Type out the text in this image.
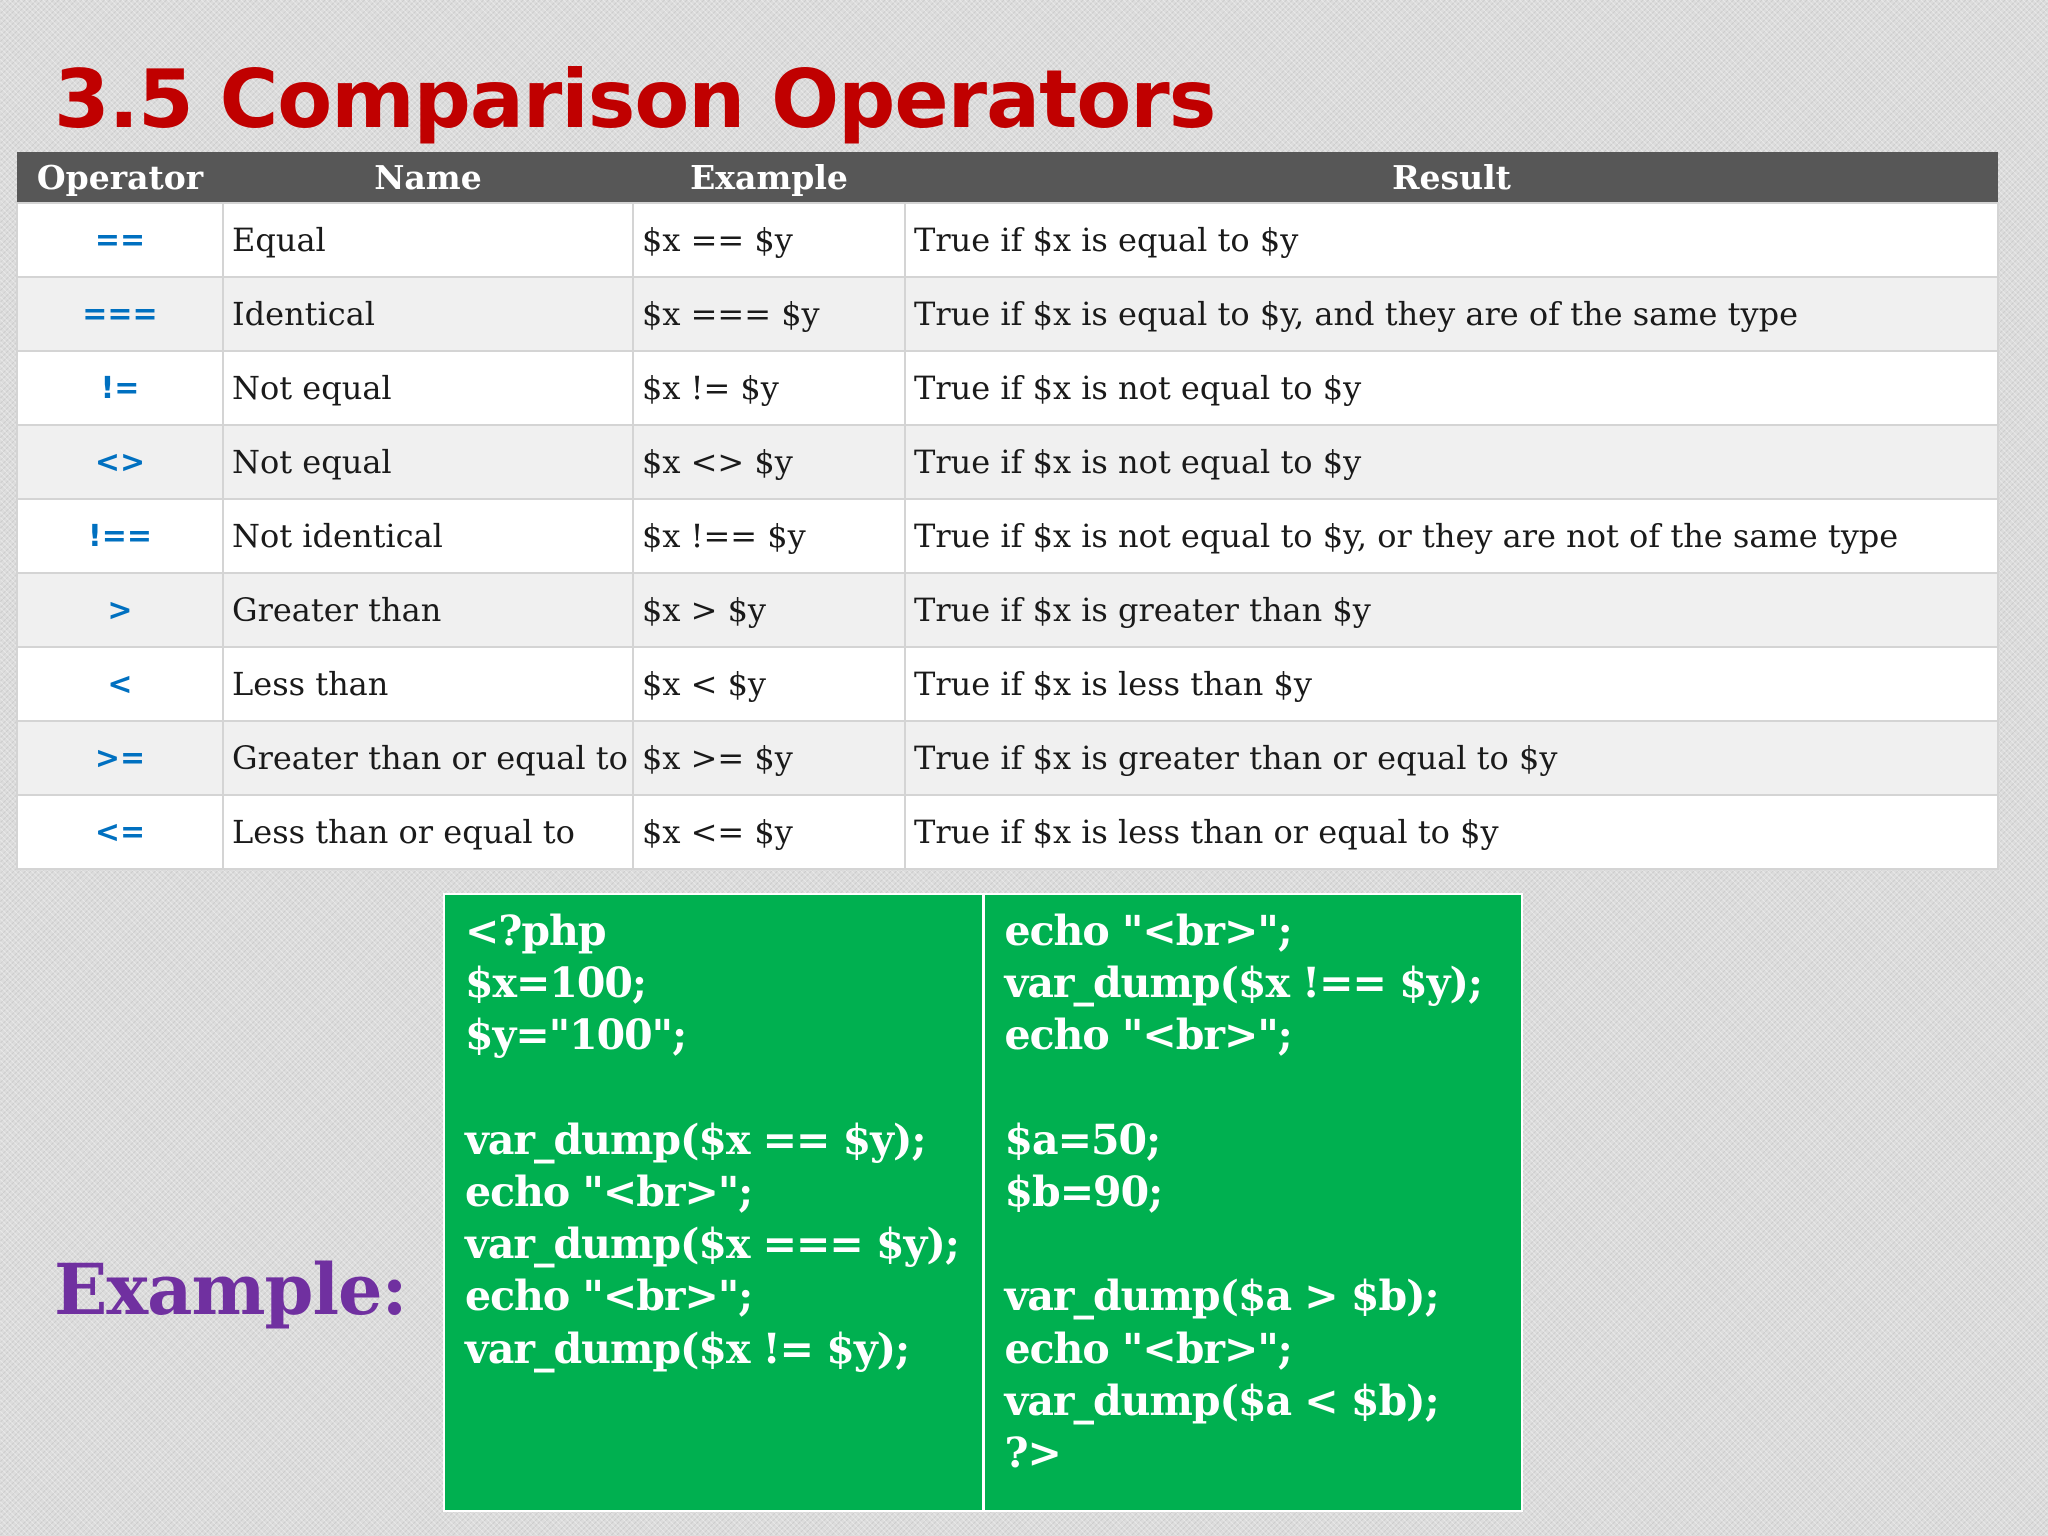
3.5 Comparison Operators
Operator	Name	Example	Result
==	Equal	$x == $y	True if $x is equal to $y
===	Identical	$x === $y	True if $x is equal to $y, and they are of the same type
!=	Not equal	$x != $y	True if $x is not equal to $y
<>	Not equal	$x <> $y	True if $x is not equal to $y
!==	Not identical	$x !== $y	True if $x is not equal to $y, or they are not of the same type
>	Greater than	$x > $y	True if $x is greater than $y
<	Less than	$x < $y	True if $x is less than $y
>=	Greater than or equal to	$x >= $y	True if $x is greater than or equal to $y
<=	Less than or equal to	$x <= $y	True if $x is less than or equal to $y
Example:
<?php
$x=100;
$y="100";
var_dump($x == $y);
echo "<br>";
var_dump($x === $y);
echo "<br>";
var_dump($x != $y);
echo "<br>";
var_dump($x !== $y);
echo "<br>";
$a=50;
$b=90;
var_dump($a > $b);
echo "<br>";
var_dump($a < $b);
?>
